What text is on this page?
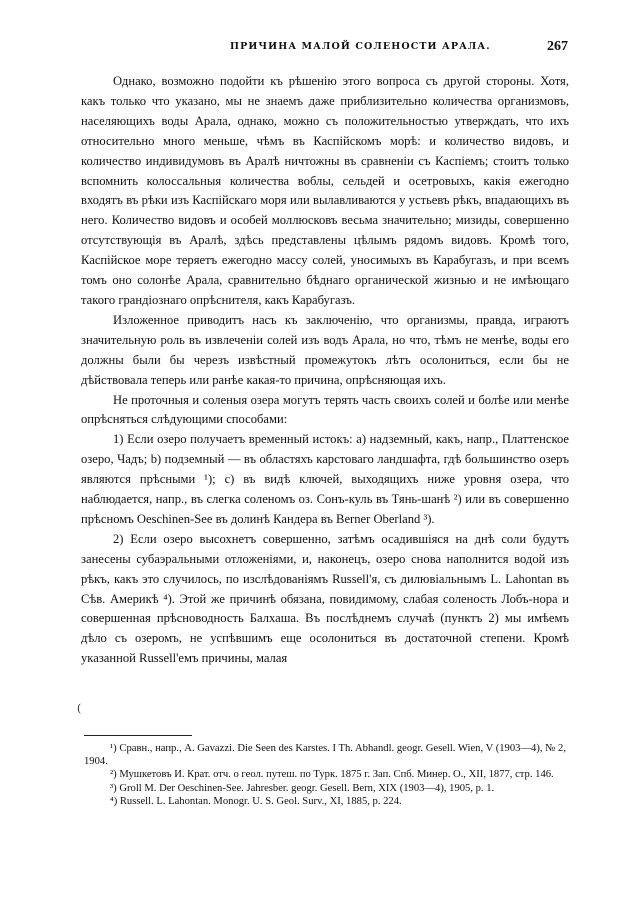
ПРИЧИНА МАЛОЙ СОЛЕНОСТИ АРАЛА.	267

Однако, возможно подойти къ рѣшенію этого вопроса съ другой стороны. Хотя, какъ только что указано, мы не знаемъ даже приблизительно количества организмовъ, населяющихъ воды Арала, однако, можно съ положительностью утверждать, что ихъ относительно много меньше, чѣмъ въ Каспійскомъ морѣ: и количество видовъ, и количество индивидумовъ въ Аралѣ ничтожны въ сравненіи съ Каспіемъ; стоитъ только вспомнить колоссальныя количества воблы, сельдей и осетровыхъ, какія ежегодно входятъ въ рѣки изъ Каспійскаго моря или вылавливаются у устьевъ рѣкъ, впадающихъ въ него. Количество видовъ и особей моллюсковъ весьма значительно; мизиды, совершенно отсутствующія въ Аралѣ, здѣсь представлены цѣлымъ рядомъ видовъ. Кромѣ того, Каспійское море теряетъ ежегодно массу солей, уносимыхъ въ Карабугазъ, и при всемъ томъ оно солонѣе Арала, сравнительно бѣднаго органической жизнью и не имѣющаго такого грандіознаго опрѣснителя, какъ Карабугазъ.

Изложенное приводитъ насъ къ заключенію, что организмы, правда, играютъ значительную роль въ извлеченіи солей изъ водъ Арала, но что, тѣмъ не менѣе, воды его должны были бы черезъ извѣстный промежутокъ лѣтъ осолониться, если бы не дѣйствовала теперь или ранѣе какая-то причина, опрѣсняющая ихъ.

Не проточныя и соленыя озера могутъ терять часть своихъ солей и болѣе или менѣе опрѣсняться слѣдующими способами:

1) Если озеро получаетъ временный истокъ: а) надземный, какъ, напр., Платтенское озеро, Чадъ; b) подземный — въ областяхъ карстоваго ландшафта, гдѣ большинство озеръ являются прѣсными ¹); с) въ видѣ ключей, выходящихъ ниже уровня озера, что наблюдается, напр., въ слегка соленомъ оз. Сонъ-куль въ Тянь-шанѣ ²) или въ совершенно прѣсномъ Oeschinen-See въ долинѣ Кандера въ Berner Oberland ³).

2) Если озеро высохнетъ совершенно, затѣмъ осадившіяся на днѣ соли будутъ занесены субаэральными отложеніями, и, наконецъ, озеро снова наполнится водой изъ рѣкъ, какъ это случилось, по изслѣдованіямъ Russell'я, съ дилювіальнымъ L. Lahontan въ Сѣв. Америкѣ ⁴). Этой же причинѣ обязана, повидимому, слабая соленость Лобъ-нора и совершенная прѣсноводность Балхаша. Въ послѣднемъ случаѣ (пунктъ 2) мы имѣемъ дѣло съ озеромъ, не успѣвшимъ еще осолониться въ достаточной степени. Кромѣ указанной Russell'емъ причины, малая

(

¹) Сравн., напр., A. Gavazzi. Die Seen des Karstes. I Th. Abhandl. geogr. Gesell. Wien, V (1903—4), № 2, 1904.

²) Мушкетовъ И. Крат. отч. о геол. путеш. по Турк. 1875 г. Зап. Спб. Минер. О., XII, 1877, стр. 146.

³) Groll M. Der Oeschinen-See. Jahresber. geogr. Gesell. Bern, XIX (1903—4), 1905, p. 1.

⁴) Russell. L. Lahontan. Monogr. U. S. Geol. Surv., XI, 1885, p. 224.
